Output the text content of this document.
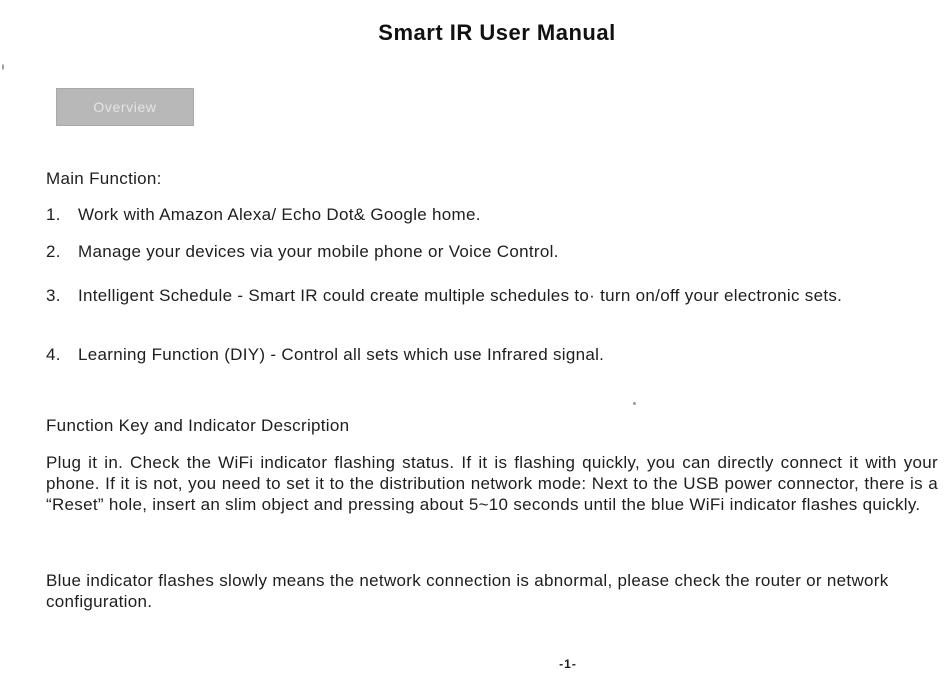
Smart IR User Manual
Overview
Main Function:
1. Work with Amazon Alexa/ Echo Dot& Google home.
2. Manage your devices via your mobile phone or Voice Control.
3. Intelligent Schedule - Smart IR could create multiple schedules to· turn on/off your electronic sets.
4. Learning Function (DIY) - Control all sets which use Infrared signal.
Function Key and Indicator Description
Plug it in. Check the WiFi indicator flashing status. If it is flashing quickly, you can directly connect it with your phone. If it is not, you need to set it to the distribution network mode: Next to the USB power connector, there is a “Reset” hole, insert an slim object and pressing about 5~10 seconds until the blue WiFi indicator flashes quickly.
Blue indicator flashes slowly means the network connection is abnormal, please check the router or network configuration.
-1-
